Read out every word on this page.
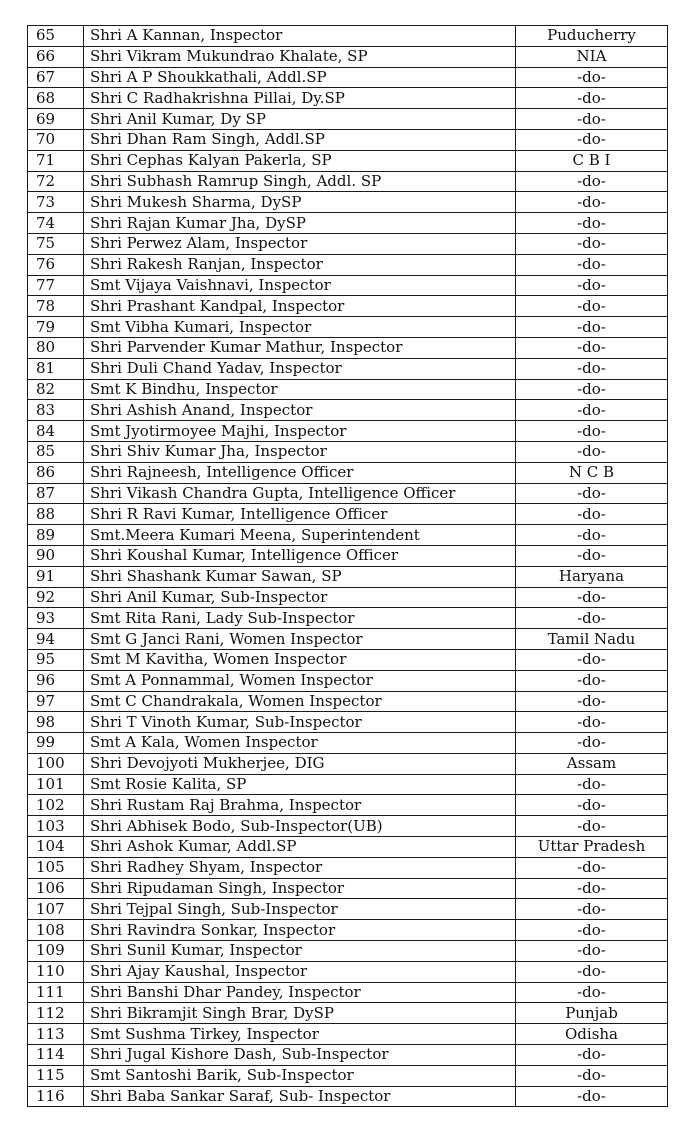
65	Shri A Kannan, Inspector	Puducherry
66	Shri Vikram Mukundrao Khalate, SP	NIA
67	Shri A P Shoukkathali, Addl.SP	-do-
68	Shri C Radhakrishna Pillai, Dy.SP	-do-
69	Shri Anil Kumar, Dy SP	-do-
70	Shri Dhan Ram Singh, Addl.SP	-do-
71	Shri Cephas Kalyan Pakerla, SP	C B I
72	Shri Subhash Ramrup Singh, Addl. SP	-do-
73	Shri Mukesh Sharma, DySP	-do-
74	Shri Rajan Kumar Jha, DySP	-do-
75	Shri Perwez Alam, Inspector	-do-
76	Shri Rakesh Ranjan, Inspector	-do-
77	Smt Vijaya Vaishnavi, Inspector	-do-
78	Shri Prashant Kandpal, Inspector	-do-
79	Smt Vibha Kumari, Inspector	-do-
80	Shri Parvender Kumar Mathur, Inspector	-do-
81	Shri Duli Chand Yadav, Inspector	-do-
82	Smt K Bindhu, Inspector	-do-
83	Shri Ashish Anand, Inspector	-do-
84	Smt Jyotirmoyee Majhi, Inspector	-do-
85	Shri Shiv Kumar Jha, Inspector	-do-
86	Shri Rajneesh, Intelligence Officer	N C B
87	Shri Vikash Chandra Gupta, Intelligence Officer	-do-
88	Shri R Ravi Kumar, Intelligence Officer	-do-
89	Smt.Meera Kumari Meena, Superintendent	-do-
90	Shri Koushal Kumar, Intelligence Officer	-do-
91	Shri Shashank Kumar Sawan, SP	Haryana
92	Shri Anil Kumar, Sub-Inspector	-do-
93	Smt Rita Rani, Lady Sub-Inspector	-do-
94	Smt G Janci Rani, Women Inspector	Tamil Nadu
95	Smt M Kavitha, Women Inspector	-do-
96	Smt A Ponnammal, Women Inspector	-do-
97	Smt C Chandrakala, Women Inspector	-do-
98	Shri T Vinoth Kumar, Sub-Inspector	-do-
99	Smt A Kala, Women Inspector	-do-
100	Shri Devojyoti Mukherjee, DIG	Assam
101	Smt Rosie Kalita, SP	-do-
102	Shri Rustam Raj Brahma, Inspector	-do-
103	Shri Abhisek Bodo, Sub-Inspector(UB)	-do-
104	Shri Ashok Kumar, Addl.SP	Uttar Pradesh
105	Shri Radhey Shyam, Inspector	-do-
106	Shri Ripudaman Singh, Inspector	-do-
107	Shri Tejpal Singh, Sub-Inspector	-do-
108	Shri Ravindra Sonkar, Inspector	-do-
109	Shri Sunil Kumar, Inspector	-do-
110	Shri Ajay Kaushal, Inspector	-do-
111	Shri Banshi Dhar Pandey, Inspector	-do-
112	Shri Bikramjit Singh Brar, DySP	Punjab
113	Smt Sushma Tirkey, Inspector	Odisha
114	Shri Jugal Kishore Dash, Sub-Inspector	-do-
115	Smt Santoshi Barik, Sub-Inspector	-do-
116	Shri Baba Sankar Saraf, Sub- Inspector	-do-
